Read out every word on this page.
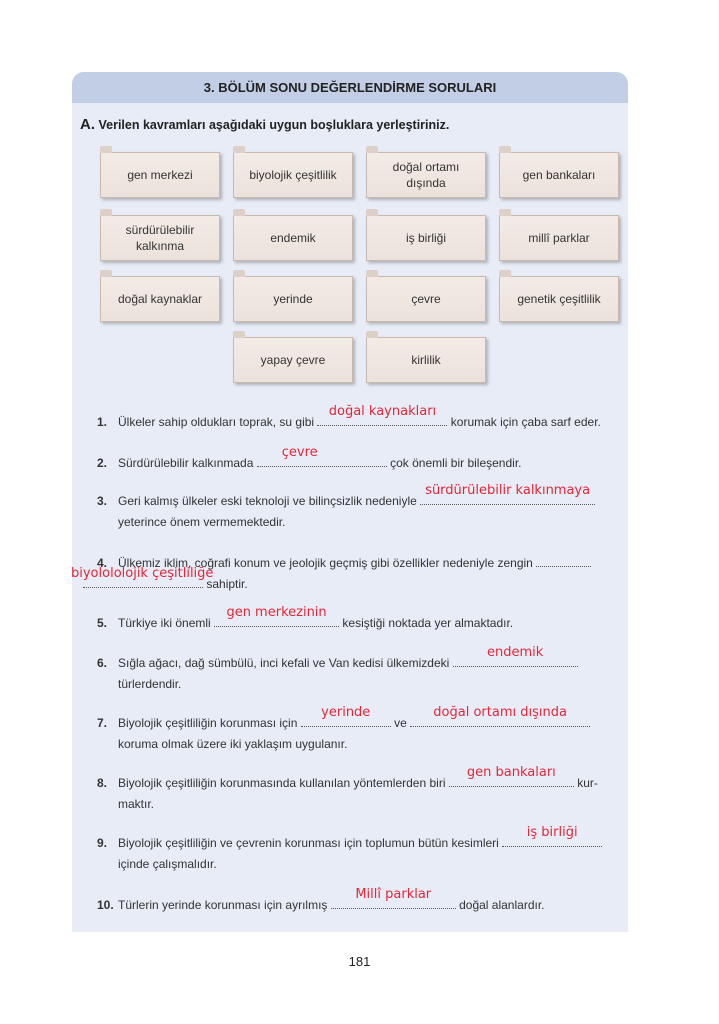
3. BÖLÜM SONU DEĞERLENDİRME SORULARI
A. Verilen kavramları aşağıdaki uygun boşluklara yerleştiriniz.
gen merkezi	biyolojik çeşitlilik
doğal ortamı dışında
gen bankaları
sürdürülebilir kalkınma
endemik	iş birliği	millî parklar
doğal kaynaklar	yerinde	çevre	genetik çeşitlilik
yapay çevre	kirlilik
1. Ülkeler sahip oldukları toprak, su gibi
doğal kaynakları
korumak için çaba sarf eder.
2. Sürdürülebilir kalkınmada
çevre
çok önemli bir bileşendir.
3. Geri kalmış ülkeler eski teknoloji ve bilinçsizlik nedeniyle
sürdürülebilir kalkınmaya

yeterince önem vermemektedir.
4. Ülkemiz iklim, coğrafi konum ve jeolojik geçmiş gibi özellikler nedeniyle zengin

biyolololojik çeşitliliğe
sahiptir.
5. Türkiye iki önemli
gen merkezinin
kesiştiği noktada yer almaktadır.
6. Sığla ağacı, dağ sümbülü, inci kefali ve Van kedisi ülkemizdeki
endemik

türlerdendir.
7. Biyolojik çeşitliliğin korunması için
yerinde
ve
doğal ortamı dışında

koruma olmak üzere iki yaklaşım uygulanır.
8. Biyolojik çeşitliliğin korunmasında kullanılan yöntemlerden biri
gen bankaları
kur-
maktır.
9. Biyolojik çeşitliliğin ve çevrenin korunması için toplumun bütün kesimleri
iş birliği

içinde çalışmalıdır.
10. Türlerin yerinde korunması için ayrılmış
Millî parklar
doğal alanlardır.
181
